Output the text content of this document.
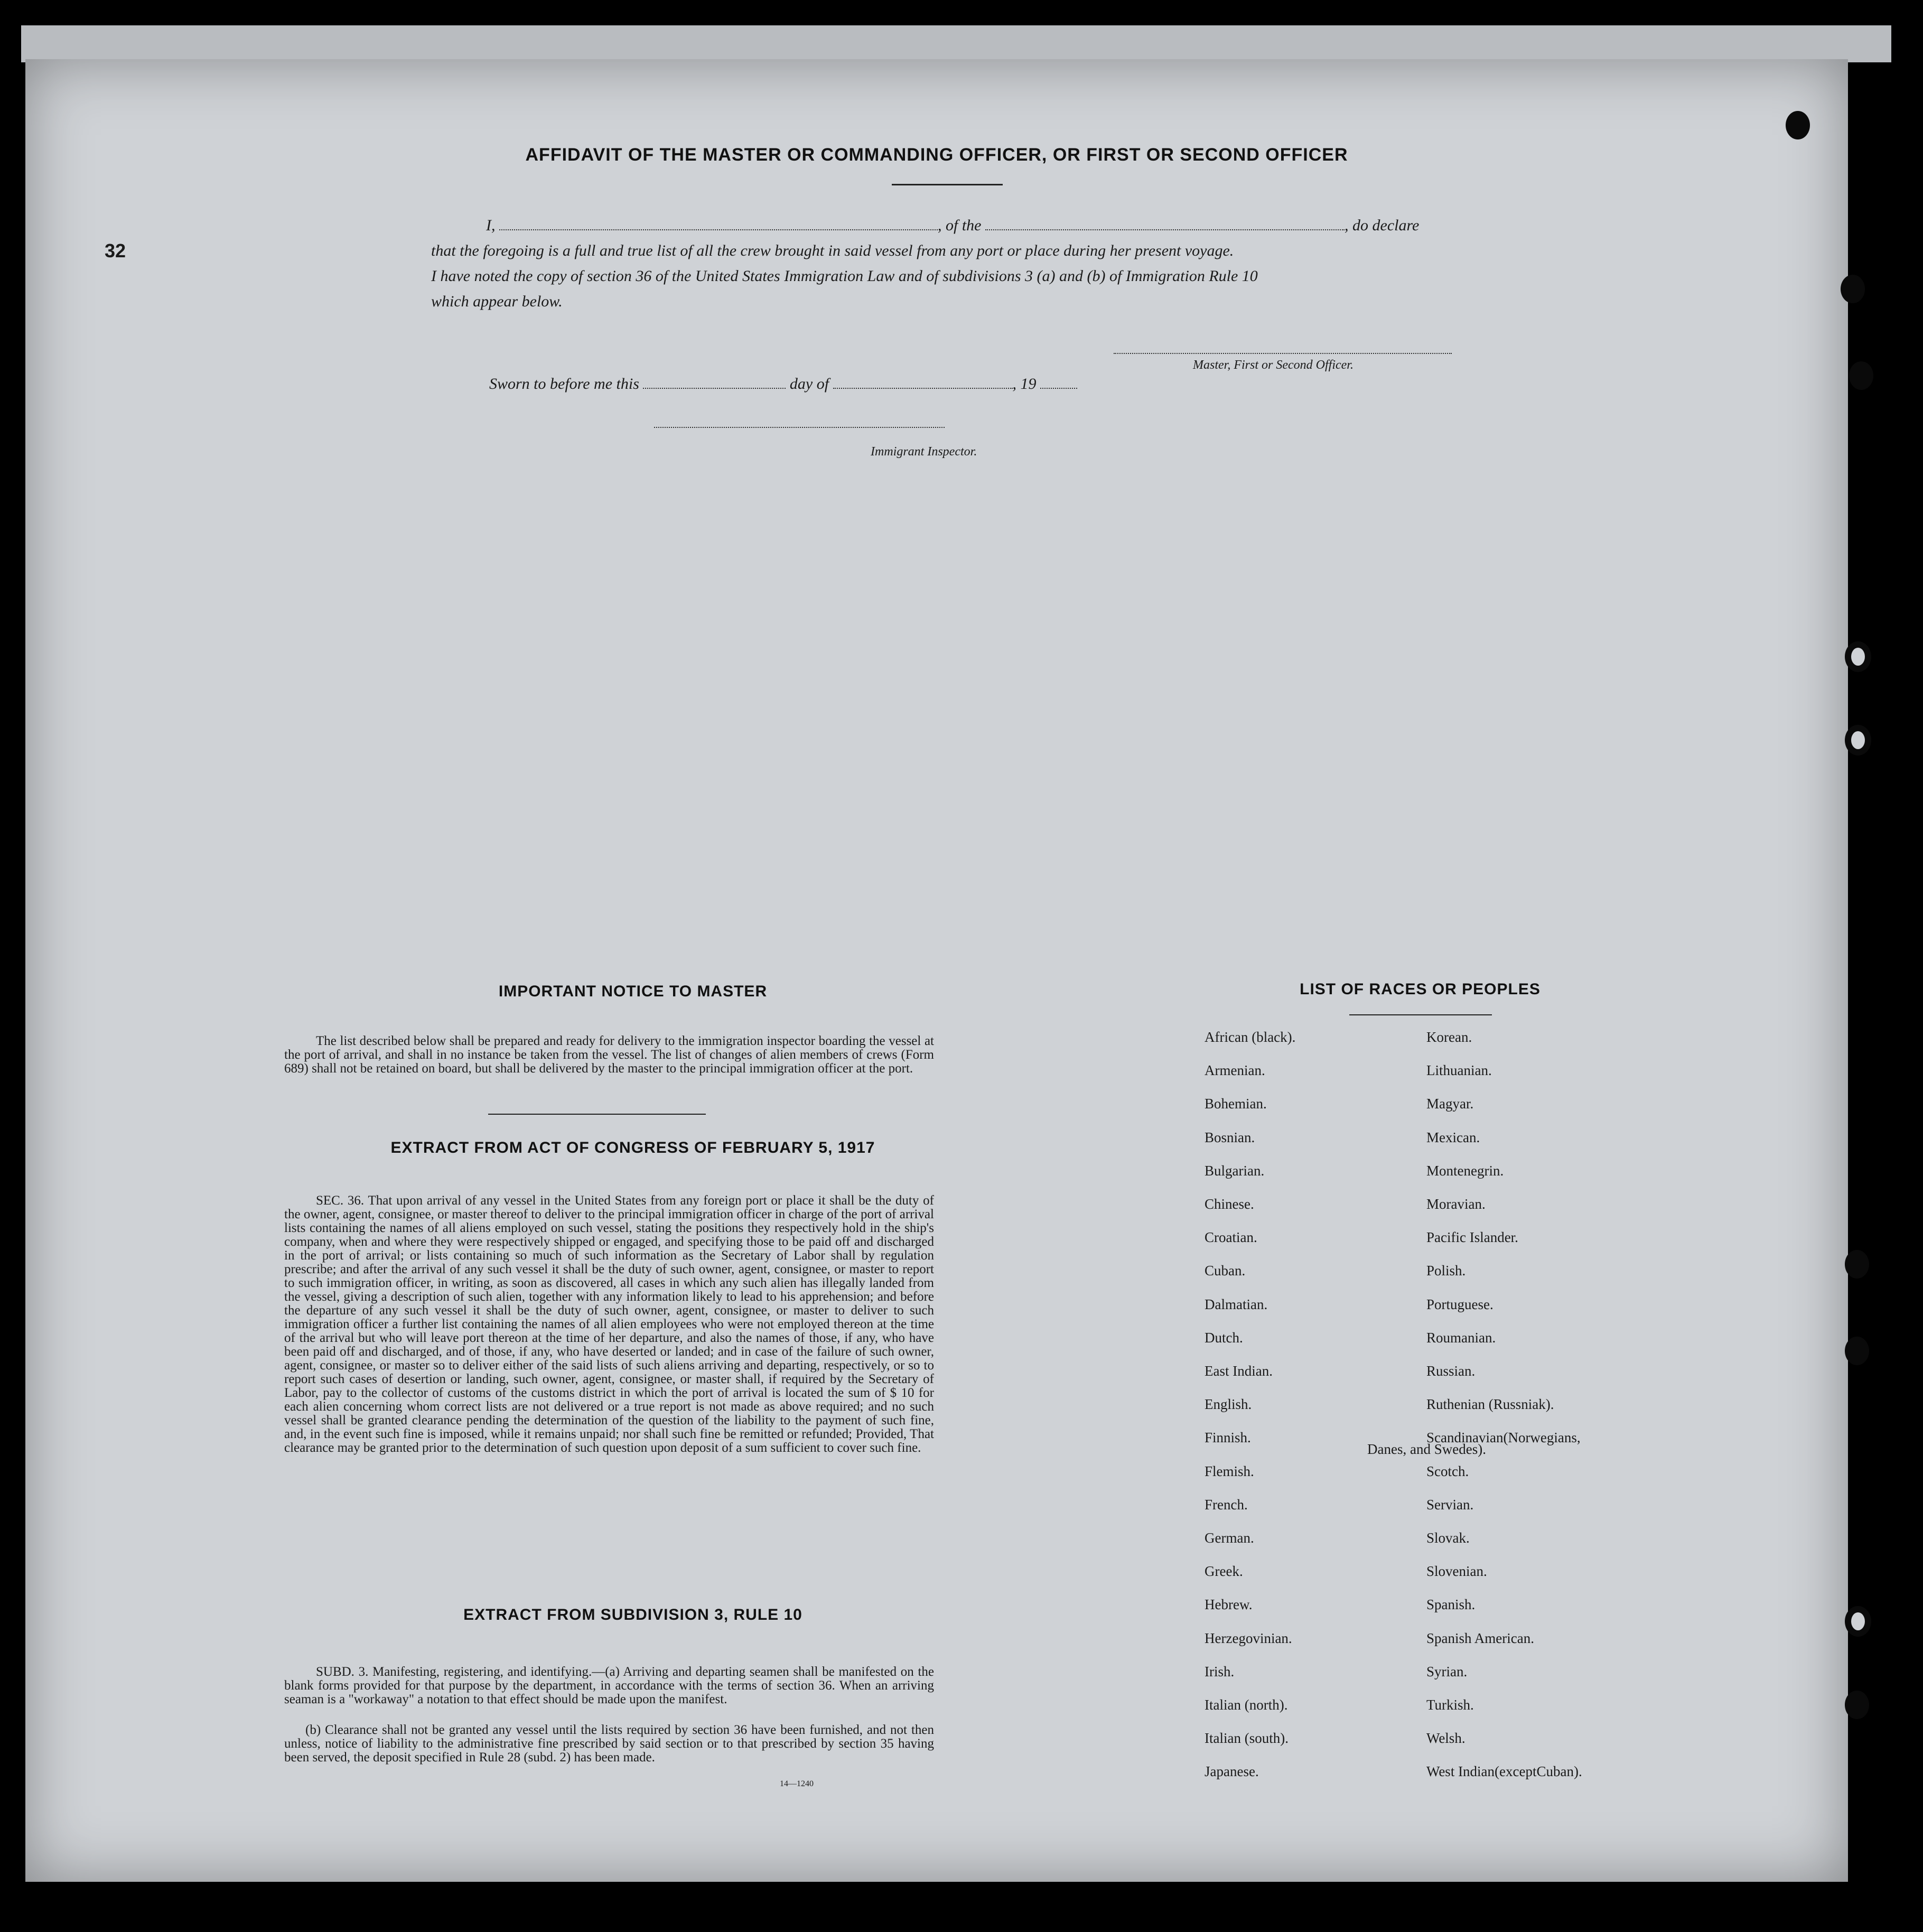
AFFIDAVIT OF THE MASTER OR COMMANDING OFFICER, OR FIRST OR SECOND OFFICER
I,	, of the	, do declare
that the foregoing is a full and true list of all the crew brought in said vessel from any port or place during her present voyage.
I have noted the copy of section 36 of the United States Immigration Law and of subdivisions 3 (a) and (b) of Immigration Rule 10
which appear below.
Master, First or Second Officer.
Sworn to before me this	day of	, 19
Immigrant Inspector.
32
IMPORTANT NOTICE TO MASTER
The list described below shall be prepared and ready for delivery to the immigration inspector boarding the vessel at the port of arrival, and shall in no instance be taken from the vessel. The list of changes of alien members of crews (Form 689) shall not be retained on board, but shall be delivered by the master to the principal immigration officer at the port.
EXTRACT FROM ACT OF CONGRESS OF FEBRUARY 5, 1917
SEC. 36. That upon arrival of any vessel in the United States from any foreign port or place it shall be the duty of the owner, agent, consignee, or master thereof to deliver to the principal immigration officer in charge of the port of arrival lists containing the names of all aliens employed on such vessel, stating the positions they respectively hold in the ship's company, when and where they were respectively shipped or engaged, and specifying those to be paid off and discharged in the port of arrival; or lists containing so much of such information as the Secretary of Labor shall by regulation prescribe; and after the arrival of any such vessel it shall be the duty of such owner, agent, consignee, or master to report to such immigration officer, in writing, as soon as discovered, all cases in which any such alien has illegally landed from the vessel, giving a description of such alien, together with any information likely to lead to his apprehension; and before the departure of any such vessel it shall be the duty of such owner, agent, consignee, or master to deliver to such immigration officer a further list containing the names of all alien employees who were not employed thereon at the time of the arrival but who will leave port thereon at the time of her departure, and also the names of those, if any, who have been paid off and discharged, and of those, if any, who have deserted or landed; and in case of the failure of such owner, agent, consignee, or master so to deliver either of the said lists of such aliens arriving and departing, respectively, or so to report such cases of desertion or landing, such owner, agent, consignee, or master shall, if required by the Secretary of Labor, pay to the collector of customs of the customs district in which the port of arrival is located the sum of $ 10 for each alien concerning whom correct lists are not delivered or a true report is not made as above required; and no such vessel shall be granted clearance pending the determination of the question of the liability to the payment of such fine, and, in the event such fine is imposed, while it remains unpaid; nor shall such fine be remitted or refunded; Provided, That clearance may be granted prior to the determination of such question upon deposit of a sum sufficient to cover such fine.
EXTRACT FROM SUBDIVISION 3, RULE 10
SUBD. 3. Manifesting, registering, and identifying.—(a) Arriving and departing seamen shall be manifested on the blank forms provided for that purpose by the department, in accordance with the terms of section 36. When an arriving seaman is a "workaway" a notation to that effect should be made upon the manifest.
(b) Clearance shall not be granted any vessel until the lists required by section 36 have been furnished, and not then unless, notice of liability to the administrative fine prescribed by said section or to that prescribed by section 35 having been served, the deposit specified in Rule 28 (subd. 2) has been made.
14—1240
LIST OF RACES OR PEOPLES
African (black).
Armenian.
Bohemian.
Bosnian.
Bulgarian.
Chinese.
Croatian.
Cuban.
Dalmatian.
Dutch.
East Indian.
English.
Finnish.
Flemish.
French.
German.
Greek.
Hebrew.
Herzegovinian.
Irish.
Italian (north).
Italian (south).
Japanese.
Korean.
Lithuanian.
Magyar.
Mexican.
Montenegrin.
Moravian.
Pacific Islander.
Polish.
Portuguese.
Roumanian.
Russian.
Ruthenian (Russniak).
Scandinavian(Norwegians,
Scotch.
Servian.
Slovak.
Slovenian.
Spanish.
Spanish American.
Syrian.
Turkish.
Welsh.
West Indian(exceptCuban).
Danes, and Swedes).
